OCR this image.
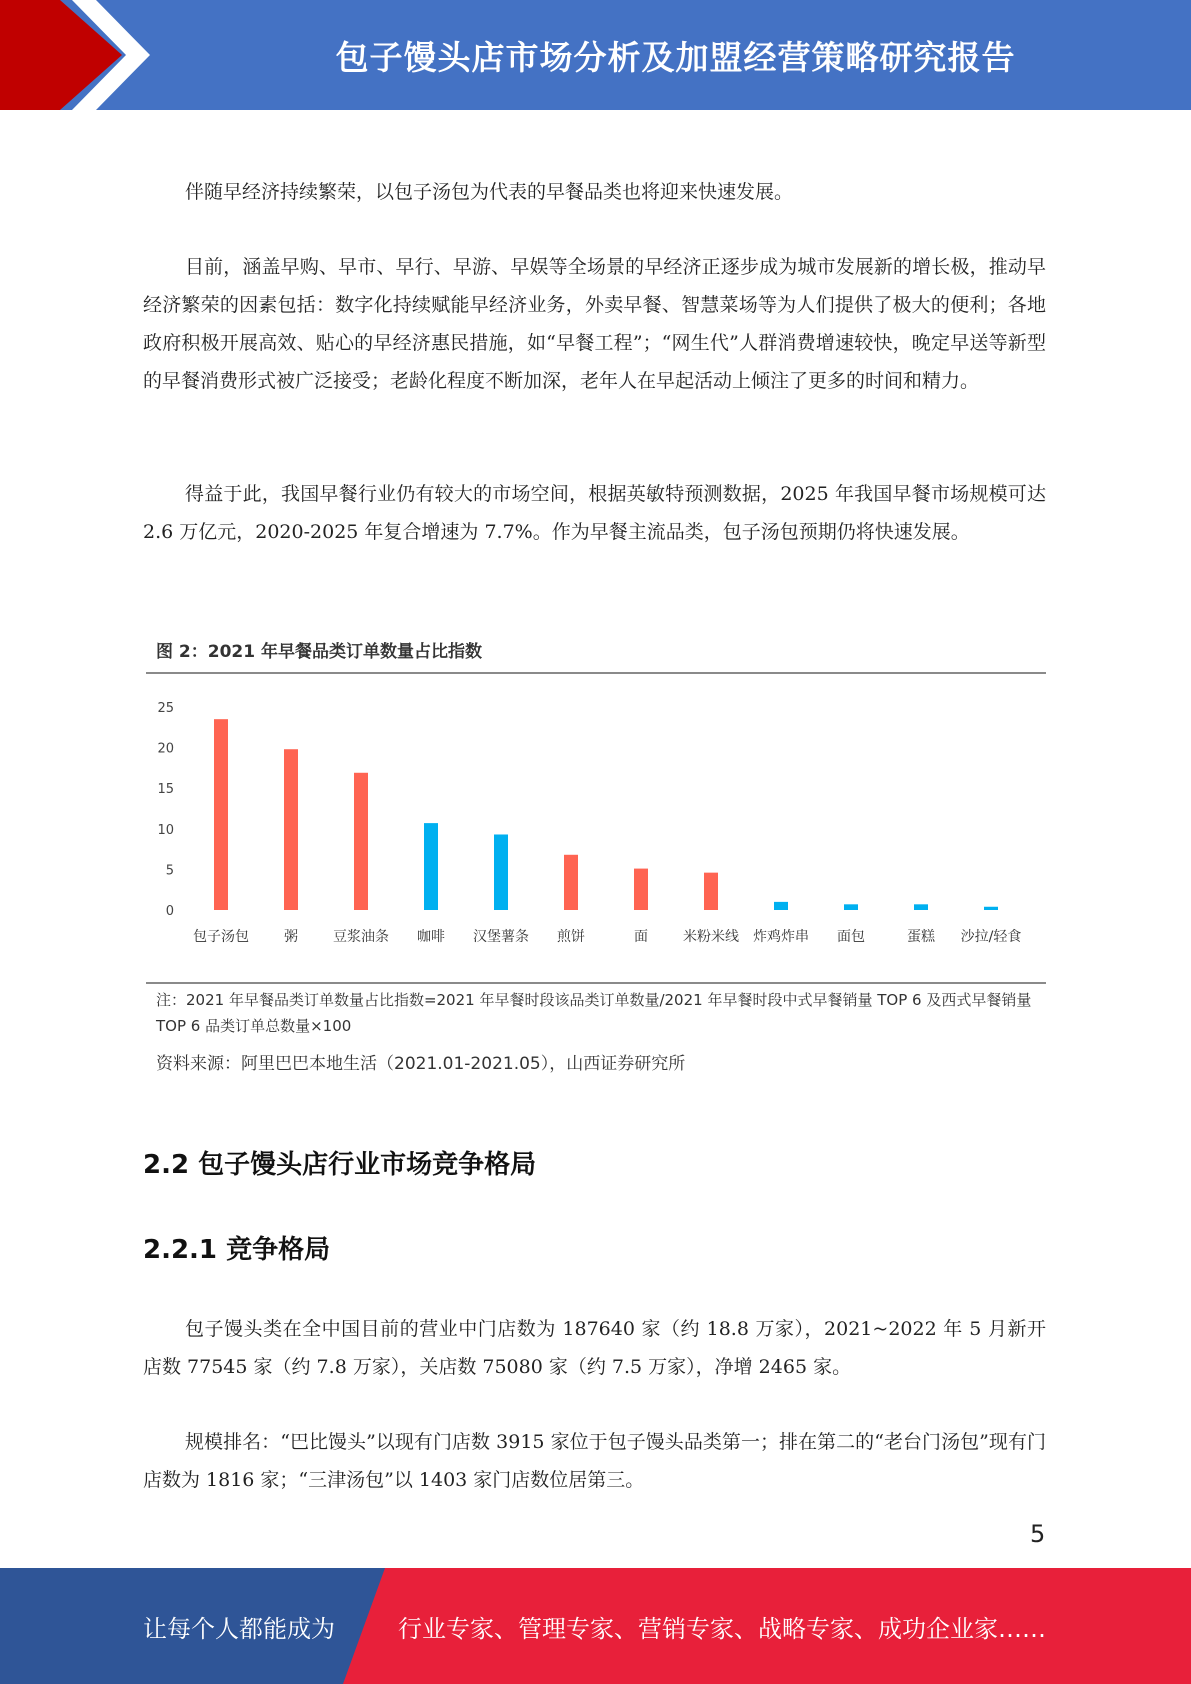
包子馒头店市场分析及加盟经营策略研究报告

伴随早经济持续繁荣，以包子汤包为代表的早餐品类也将迎来快速发展。

目前，涵盖早购、早市、早行、早游、早娱等全场景的早经济正逐步成为城市发展新的增长极，推动早经济繁荣的因素包括：数字化持续赋能早经济业务，外卖早餐、智慧菜场等为人们提供了极大的便利；各地政府积极开展高效、贴心的早经济惠民措施，如“早餐工程”；“网生代”人群消费增速较快，晚定早送等新型的早餐消费形式被广泛接受；老龄化程度不断加深，老年人在早起活动上倾注了更多的时间和精力。

得益于此，我国早餐行业仍有较大的市场空间，根据英敏特预测数据，2025 年我国早餐市场规模可达 2.6 万亿元，2020-2025 年复合增速为 7.7%。作为早餐主流品类，包子汤包预期仍将快速发展。

图 2：2021 年早餐品类订单数量占比指数
0
5
10
15
20
25
包子汤包	粥	豆浆油条 咖啡 汉堡薯条 煎饼	面	米粉米线 炸鸡炸串 面包	蛋糕 沙拉/轻食
注：2021 年早餐品类订单数量占比指数=2021 年早餐时段该品类订单数量/2021 年早餐时段中式早餐销量 TOP 6 及西式早餐销量 TOP 6 品类订单总数量×100
资料来源：阿里巴巴本地生活（2021.01-2021.05），山西证券研究所
2.2 包子馒头店行业市场竞争格局
2.2.1 竞争格局

包子馒头类在全中国目前的营业中门店数为 187640 家（约 18.8 万家），2021~2022 年 5 月新开店数 77545 家（约 7.8 万家），关店数 75080 家（约 7.5 万家），净增 2465 家。

规模排名：“巴比馒头”以现有门店数 3915 家位于包子馒头品类第一；排在第二的“老台门汤包”现有门店数为 1816 家；“三津汤包”以 1403 家门店数位居第三。

5
让每个人都能成为	行业专家、管理专家、营销专家、战略专家、成功企业家……
